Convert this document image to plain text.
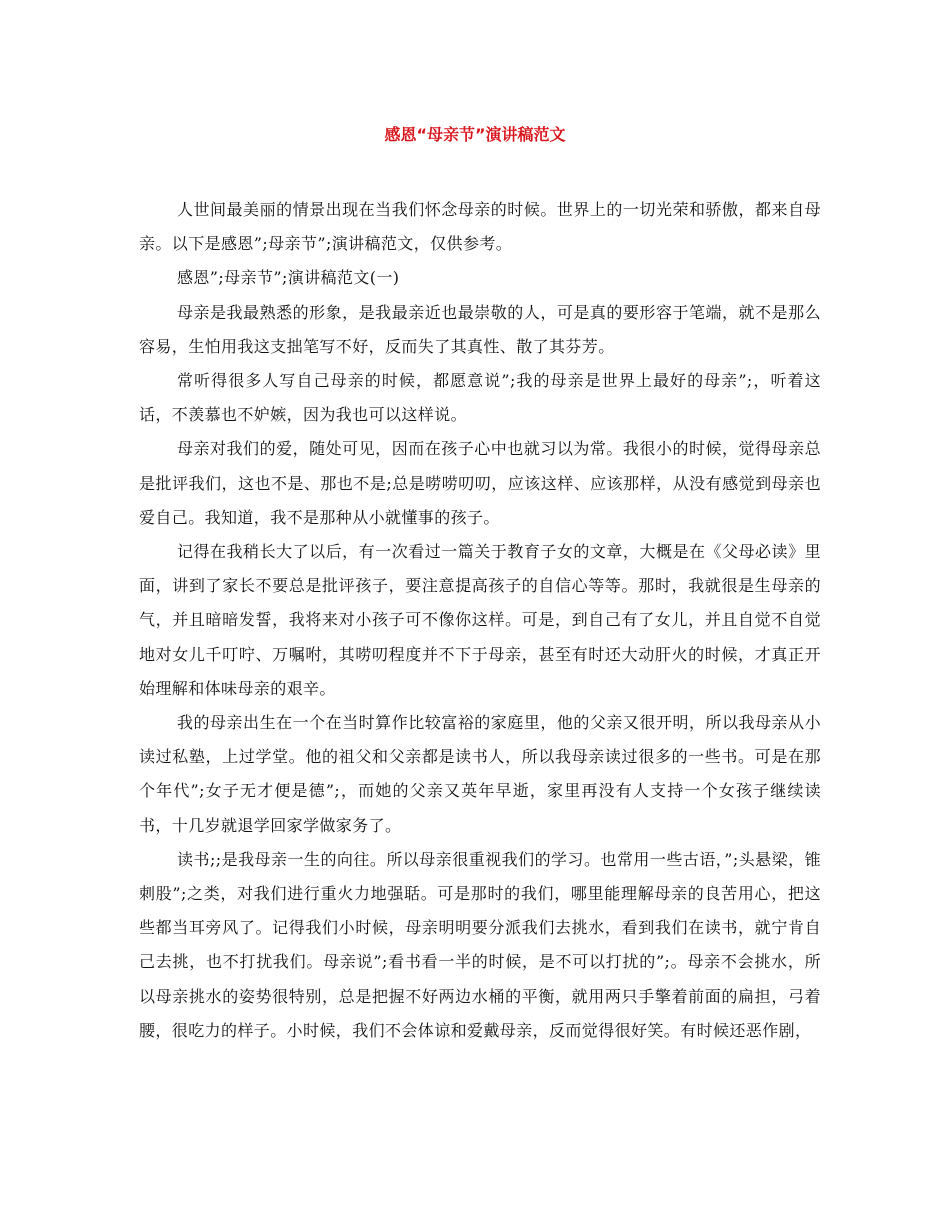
感恩“母亲节”演讲稿范文

人世间最美丽的情景出现在当我们怀念母亲的时候。世界上的一切光荣和骄傲，都来自母亲。以下是感恩”;母亲节”;演讲稿范文，仅供参考。

感恩”;母亲节”;演讲稿范文(一)

母亲是我最熟悉的形象，是我最亲近也最崇敬的人，可是真的要形容于笔端，就不是那么容易，生怕用我这支拙笔写不好，反而失了其真性、散了其芬芳。

常听得很多人写自己母亲的时候，都愿意说”;我的母亲是世界上最好的母亲”;，听着这话，不羡慕也不妒嫉，因为我也可以这样说。

母亲对我们的爱，随处可见，因而在孩子心中也就习以为常。我很小的时候，觉得母亲总是批评我们，这也不是、那也不是;总是唠唠叨叨，应该这样、应该那样，从没有感觉到母亲也爱自己。我知道，我不是那种从小就懂事的孩子。

记得在我稍长大了以后，有一次看过一篇关于教育子女的文章，大概是在《父母必读》里面，讲到了家长不要总是批评孩子，要注意提高孩子的自信心等等。那时，我就很是生母亲的气，并且暗暗发誓，我将来对小孩子可不像你这样。可是，到自己有了女儿，并且自觉不自觉地对女儿千叮咛、万嘱咐，其唠叨程度并不下于母亲，甚至有时还大动肝火的时候，才真正开始理解和体味母亲的艰辛。

我的母亲出生在一个在当时算作比较富裕的家庭里，他的父亲又很开明，所以我母亲从小读过私塾，上过学堂。他的祖父和父亲都是读书人，所以我母亲读过很多的一些书。可是在那个年代”;女子无才便是德”;，而她的父亲又英年早逝，家里再没有人支持一个女孩子继续读书，十几岁就退学回家学做家务了。

读书;;是我母亲一生的向往。所以母亲很重视我们的学习。也常用一些古语，”;头悬梁，锥刺股”;之类，对我们进行重火力地强聒。可是那时的我们，哪里能理解母亲的良苦用心，把这些都当耳旁风了。记得我们小时候，母亲明明要分派我们去挑水，看到我们在读书，就宁肯自己去挑，也不打扰我们。母亲说”;看书看一半的时候，是不可以打扰的”;。母亲不会挑水，所以母亲挑水的姿势很特别，总是把握不好两边水桶的平衡，就用两只手擎着前面的扁担，弓着腰，很吃力的样子。小时候，我们不会体谅和爱戴母亲，反而觉得很好笑。有时候还恶作剧，
